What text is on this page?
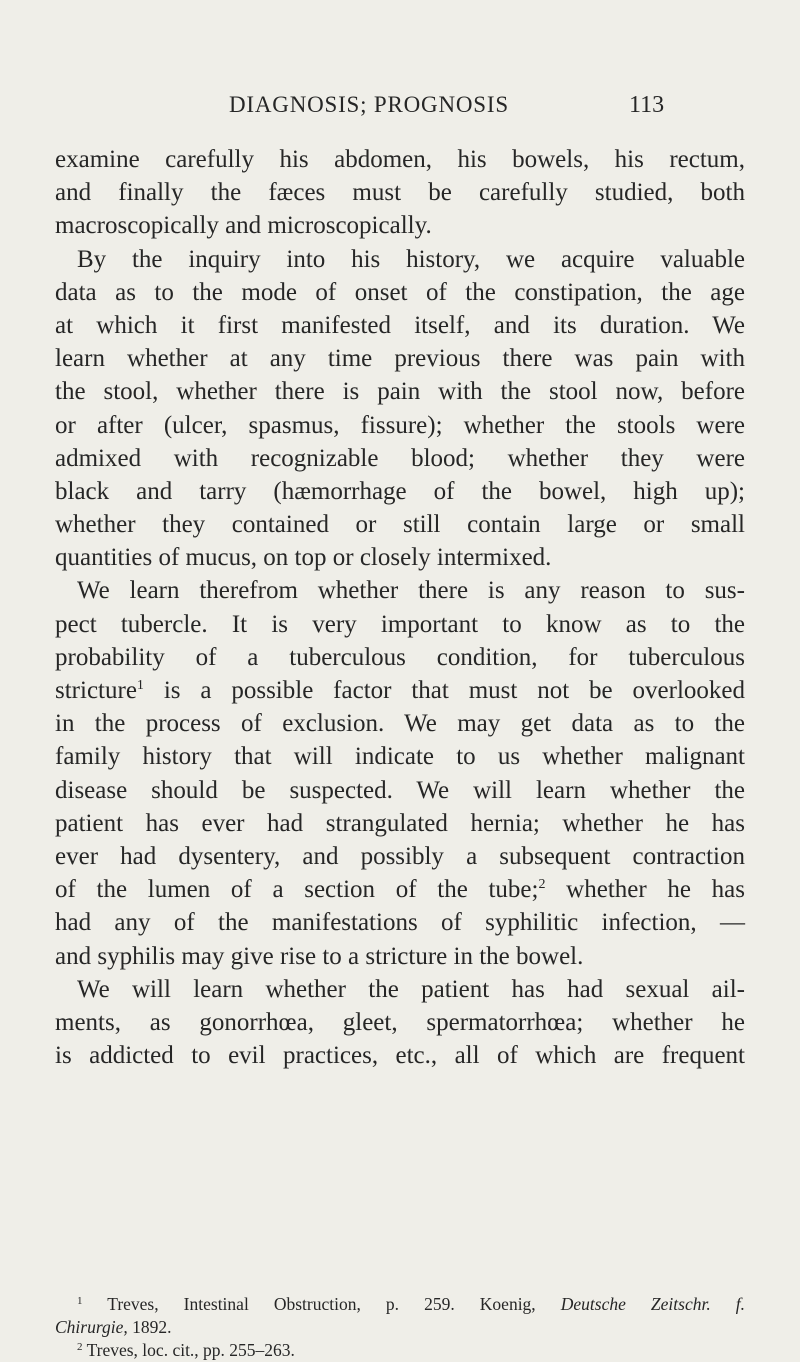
DIAGNOSIS; PROGNOSIS	113
examine carefully his abdomen, his bowels, his rectum,
and finally the fæces must be carefully studied, both
macroscopically and microscopically.
By the inquiry into his history, we acquire valuable
data as to the mode of onset of the constipation, the age
at which it first manifested itself, and its duration. We
learn whether at any time previous there was pain with
the stool, whether there is pain with the stool now, before
or after (ulcer, spasmus, fissure); whether the stools were
admixed with recognizable blood; whether they were
black and tarry (hæmorrhage of the bowel, high up);
whether they contained or still contain large or small
quantities of mucus, on top or closely intermixed.
We learn therefrom whether there is any reason to sus-
pect tubercle. It is very important to know as to the
probability of a tuberculous condition, for tuberculous
stricture$^1$ is a possible factor that must not be overlooked
in the process of exclusion. We may get data as to the
family history that will indicate to us whether malignant
disease should be suspected. We will learn whether the
patient has ever had strangulated hernia; whether he has
ever had dysentery, and possibly a subsequent contraction
of the lumen of a section of the tube;$^2$ whether he has
had any of the manifestations of syphilitic infection, —
and syphilis may give rise to a stricture in the bowel.
We will learn whether the patient has had sexual ail-
ments, as gonorrhœa, gleet, spermatorrhœa; whether he
is addicted to evil practices, etc., all of which are frequent
$^1$ Treves, Intestinal Obstruction, p. 259. Koenig, Deutsche Zeitschr. f.
Chirurgie, 1892.
$^2$ Treves, loc. cit., pp. 255–263.
